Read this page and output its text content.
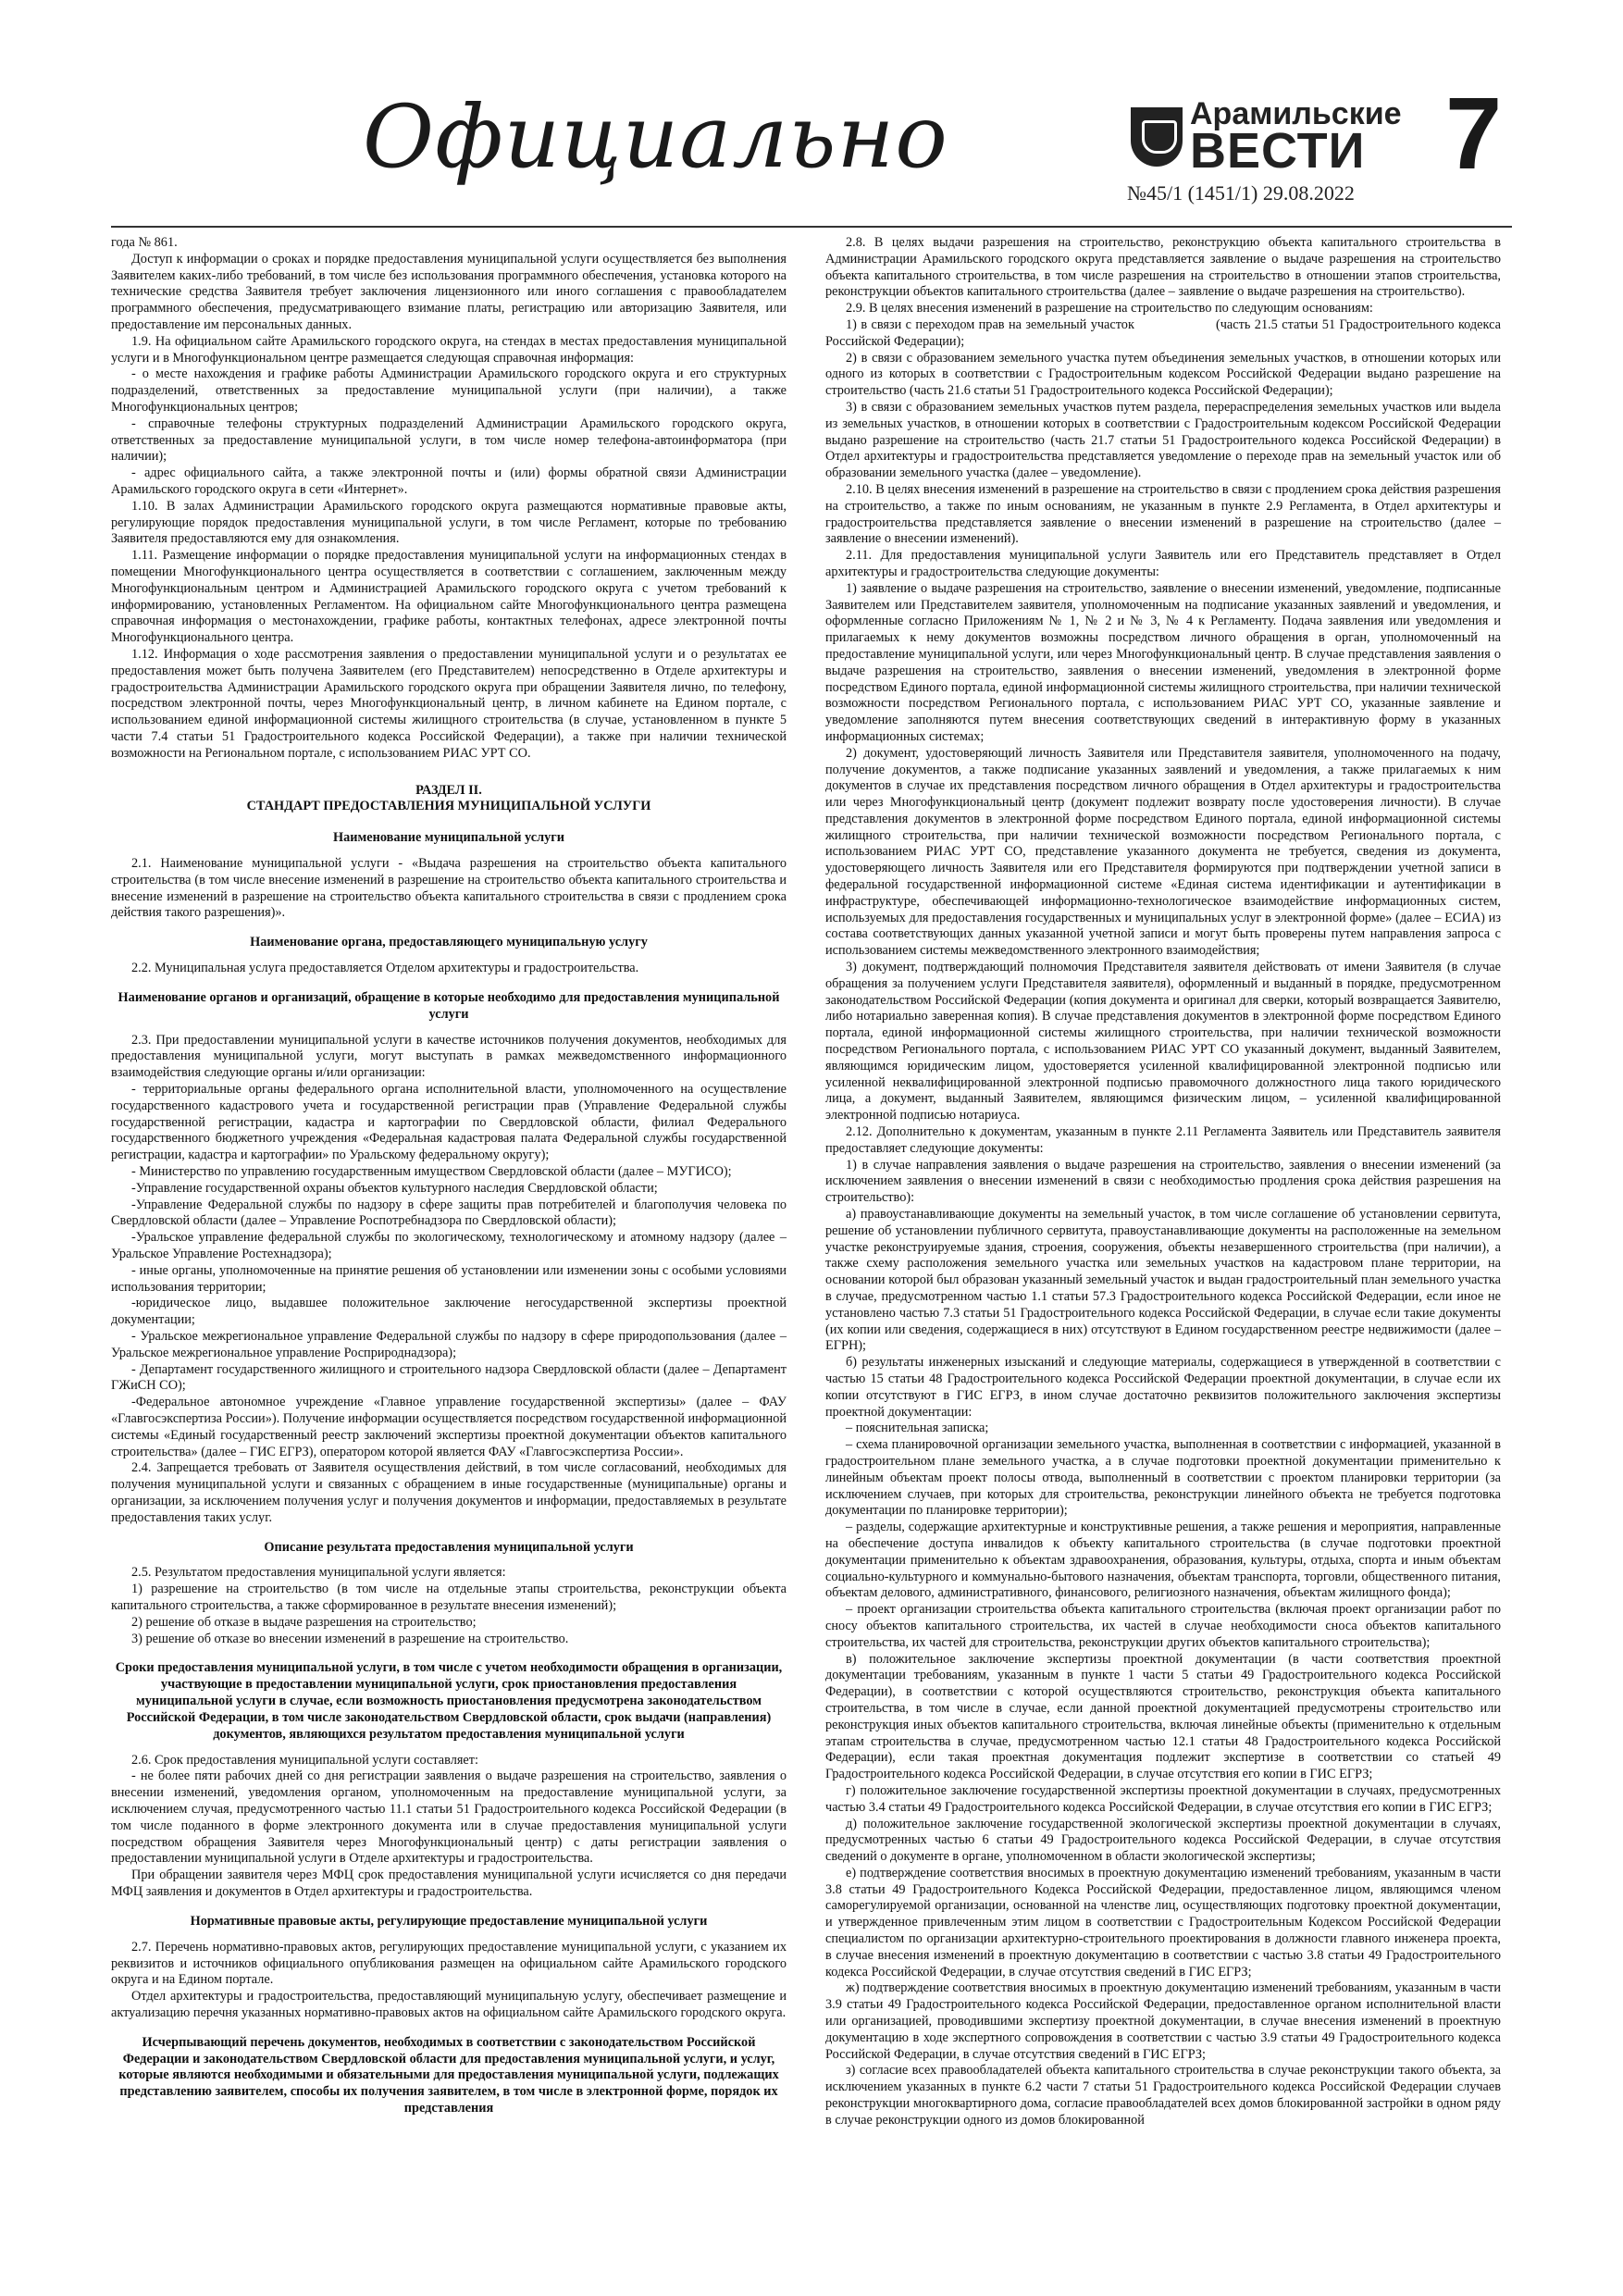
Официально	Арамильские
ВЕСТИ
№45/1 (1451/1) 29.08.2022
7

года № 861.

Доступ к информации о сроках и порядке предоставления муниципальной услуги осуществляется без выполнения Заявителем каких-либо требований, в том числе без использования программного обеспечения, установка которого на технические средства Заявителя требует заключения лицензионного или иного соглашения с правообладателем программного обеспечения, предусматривающего взимание платы, регистрацию или авторизацию Заявителя, или предоставление им персональных данных.

1.9. На официальном сайте Арамильского городского округа, на стендах в местах предоставления муниципальной услуги и в Многофункциональном центре размещается следующая справочная информация:

- о месте нахождения и графике работы Администрации Арамильского городского округа и его структурных подразделений, ответственных за предоставление муниципальной услуги (при наличии), а также Многофункциональных центров;

- справочные телефоны структурных подразделений Администрации Арамильского городского округа, ответственных за предоставление муниципальной услуги, в том числе номер телефона-автоинформатора (при наличии);

- адрес официального сайта, а также электронной почты и (или) формы обратной связи Администрации Арамильского городского округа в сети «Интернет».

1.10. В залах Администрации Арамильского городского округа размещаются нормативные правовые акты, регулирующие порядок предоставления муниципальной услуги, в том числе Регламент, которые по требованию Заявителя предоставляются ему для ознакомления.

1.11. Размещение информации о порядке предоставления муниципальной услуги на информационных стендах в помещении Многофункционального центра осуществляется в соответствии с соглашением, заключенным между Многофункциональным центром и Администрацией Арамильского городского округа с учетом требований к информированию, установленных Регламентом. На официальном сайте Многофункционального центра размещена справочная информация о местонахождении, графике работы, контактных телефонах, адресе электронной почты Многофункционального центра.

1.12. Информация о ходе рассмотрения заявления о предоставлении муниципальной услуги и о результатах ее предоставления может быть получена Заявителем (его Представителем) непосредственно в Отделе архитектуры и градостроительства Администрации Арамильского городского округа при обращении Заявителя лично, по телефону, посредством электронной почты, через Многофункциональный центр, в личном кабинете на Едином портале, с использованием единой информационной системы жилищного строительства (в случае, установленном в пункте 5 части 7.4 статьи 51 Градостроительного кодекса Российской Федерации), а также при наличии технической возможности на Региональном портале, с использованием РИАС УРТ СО.

РАЗДЕЛ II.
СТАНДАРТ ПРЕДОСТАВЛЕНИЯ МУНИЦИПАЛЬНОЙ УСЛУГИ
Наименование муниципальной услуги

2.1. Наименование муниципальной услуги - «Выдача разрешения на строительство объекта капитального строительства (в том числе внесение изменений в разрешение на строительство объекта капитального строительства и внесение изменений в разрешение на строительство объекта капитального строительства в связи с продлением срока действия такого разрешения)».

Наименование органа, предоставляющего муниципальную услугу

2.2. Муниципальная услуга предоставляется Отделом архитектуры и градостроительства.

Наименование органов и организаций, обращение в которые необходимо для предоставления муниципальной услуги

2.3. При предоставлении муниципальной услуги в качестве источников получения документов, необходимых для предоставления муниципальной услуги, могут выступать в рамках межведомственного информационного взаимодействия следующие органы и/или организации:

- территориальные органы федерального органа исполнительной власти, уполномоченного на осуществление государственного кадастрового учета и государственной регистрации прав (Управление Федеральной службы государственной регистрации, кадастра и картографии по Свердловской области, филиал Федерального государственного бюджетного учреждения «Федеральная кадастровая палата Федеральной службы государственной регистрации, кадастра и картографии» по Уральскому федеральному округу);

- Министерство по управлению государственным имуществом Свердловской области (далее – МУГИСО);

-Управление государственной охраны объектов культурного наследия Свердловской области;

-Управление Федеральной службы по надзору в сфере защиты прав потребителей и благополучия человека по Свердловской области (далее – Управление Роспотребнадзора по Свердловской области);

-Уральское управление федеральной службы по экологическому, технологическому и атомному надзору (далее – Уральское Управление Ростехнадзора);

- иные органы, уполномоченные на принятие решения об установлении или изменении зоны с особыми условиями использования территории;

-юридическое лицо, выдавшее положительное заключение негосударственной экспертизы проектной документации;

- Уральское межрегиональное управление Федеральной службы по надзору в сфере природопользования (далее – Уральское межрегиональное управление Росприроднадзора);

- Департамент государственного жилищного и строительного надзора Свердловской области (далее – Департамент ГЖиСН СО);

-Федеральное автономное учреждение «Главное управление государственной экспертизы» (далее – ФАУ «Главгосэкспертиза России»). Получение информации осуществляется посредством государственной информационной системы «Единый государственный реестр заключений экспертизы проектной документации объектов капитального строительства» (далее – ГИС ЕГРЗ), оператором которой является ФАУ «Главгосэкспертиза России».

2.4. Запрещается требовать от Заявителя осуществления действий, в том числе согласований, необходимых для получения муниципальной услуги и связанных с обращением в иные государственные (муниципальные) органы и организации, за исключением получения услуг и получения документов и информации, предоставляемых в результате предоставления таких услуг.

Описание результата предоставления муниципальной услуги

2.5. Результатом предоставления муниципальной услуги является:

1) разрешение на строительство (в том числе на отдельные этапы строительства, реконструкции объекта капитального строительства, а также сформированное в результате внесения изменений);

2) решение об отказе в выдаче разрешения на строительство;

3) решение об отказе во внесении изменений в разрешение на строительство.

Сроки предоставления муниципальной услуги, в том числе с учетом необходимости обращения в организации, участвующие в предоставлении муниципальной услуги, срок приостановления предоставления муниципальной услуги в случае, если возможность приостановления предусмотрена законодательством Российской Федерации, в том числе законодательством Свердловской области, срок выдачи (направления) документов, являющихся результатом предоставления муниципальной услуги

2.6. Срок предоставления муниципальной услуги составляет:

- не более пяти рабочих дней со дня регистрации заявления о выдаче разрешения на строительство, заявления о внесении изменений, уведомления органом, уполномоченным на предоставление муниципальной услуги, за исключением случая, предусмотренного частью 11.1 статьи 51 Градостроительного кодекса Российской Федерации (в том числе поданного в форме электронного документа или в случае предоставления муниципальной услуги посредством обращения Заявителя через Многофункциональный центр) с даты регистрации заявления о предоставлении муниципальной услуги в Отделе архитектуры и градостроительства.

При обращении заявителя через МФЦ срок предоставления муниципальной услуги исчисляется со дня передачи МФЦ заявления и документов в Отдел архитектуры и градостроительства.

Нормативные правовые акты, регулирующие предоставление муниципальной услуги

2.7. Перечень нормативно-правовых актов, регулирующих предоставление муниципальной услуги, с указанием их реквизитов и источников официального опубликования размещен на официальном сайте Арамильского городского округа и на Едином портале.

Отдел архитектуры и градостроительства, предоставляющий муниципальную услугу, обеспечивает размещение и актуализацию перечня указанных нормативно-правовых актов на официальном сайте Арамильского городского округа.

Исчерпывающий перечень документов, необходимых в соответствии с законодательством Российской Федерации и законодательством Свердловской области для предоставления муниципальной услуги, и услуг, которые являются необходимыми и обязательными для предоставления муниципальной услуги, подлежащих представлению заявителем, способы их получения заявителем, в том числе в электронной форме, порядок их представления

2.8. В целях выдачи разрешения на строительство, реконструкцию объекта капитального строительства в Администрации Арамильского городского округа представляется заявление о выдаче разрешения на строительство объекта капитального строительства, в том числе разрешения на строительство в отношении этапов строительства, реконструкции объектов капитального строительства (далее – заявление о выдаче разрешения на строительство).

2.9. В целях внесения изменений в разрешение на строительство по следующим основаниям:

1) в связи с переходом прав на земельный участок                    (часть 21.5 статьи 51 Градостроительного кодекса Российской Федерации);

2) в связи с образованием земельного участка путем объединения земельных участков, в отношении которых или одного из которых в соответствии с Градостроительным кодексом Российской Федерации выдано разрешение на строительство (часть 21.6 статьи 51 Градостроительного кодекса Российской Федерации);

3) в связи с образованием земельных участков путем раздела, перераспределения земельных участков или выдела из земельных участков, в отношении которых в соответствии с Градостроительным кодексом Российской Федерации выдано разрешение на строительство (часть 21.7 статьи 51 Градостроительного кодекса Российской Федерации) в Отдел архитектуры и градостроительства представляется уведомление о переходе прав на земельный участок или об образовании земельного участка (далее – уведомление).

2.10. В целях внесения изменений в разрешение на строительство в связи с продлением срока действия разрешения на строительство, а также по иным основаниям, не указанным в пункте 2.9 Регламента, в Отдел архитектуры и градостроительства представляется заявление о внесении изменений в разрешение на строительство (далее – заявление о внесении изменений).

2.11. Для предоставления муниципальной услуги Заявитель или его Представитель представляет в Отдел архитектуры и градостроительства следующие документы:

1) заявление о выдаче разрешения на строительство, заявление о внесении изменений, уведомление, подписанные Заявителем или Представителем заявителя, уполномоченным на подписание указанных заявлений и уведомления, и оформленные согласно Приложениям № 1, № 2 и № 3, № 4 к Регламенту. Подача заявления или уведомления и прилагаемых к нему документов возможны посредством личного обращения в орган, уполномоченный на предоставление муниципальной услуги, или через Многофункциональный центр. В случае представления заявления о выдаче разрешения на строительство, заявления о внесении изменений, уведомления в электронной форме посредством Единого портала, единой информационной системы жилищного строительства, при наличии технической возможности посредством Регионального портала, с использованием РИАС УРТ СО, указанные заявление и уведомление заполняются путем внесения соответствующих сведений в интерактивную форму в указанных информационных системах;

2) документ, удостоверяющий личность Заявителя или Представителя заявителя, уполномоченного на подачу, получение документов, а также подписание указанных заявлений и уведомления, а также прилагаемых к ним документов в случае их представления посредством личного обращения в Отдел архитектуры и градостроительства или через Многофункциональный центр (документ подлежит возврату после удостоверения личности). В случае представления документов в электронной форме посредством Единого портала, единой информационной системы жилищного строительства, при наличии технической возможности посредством Регионального портала, с использованием РИАС УРТ СО, представление указанного документа не требуется, сведения из документа, удостоверяющего личность Заявителя или его Представителя формируются при подтверждении учетной записи в федеральной государственной информационной системе «Единая система идентификации и аутентификации в инфраструктуре, обеспечивающей информационно-технологическое взаимодействие информационных систем, используемых для предоставления государственных и муниципальных услуг в электронной форме» (далее – ЕСИА) из состава соответствующих данных указанной учетной записи и могут быть проверены путем направления запроса с использованием системы межведомственного электронного взаимодействия;

3) документ, подтверждающий полномочия Представителя заявителя действовать от имени Заявителя (в случае обращения за получением услуги Представителя заявителя), оформленный и выданный в порядке, предусмотренном законодательством Российской Федерации (копия документа и оригинал для сверки, который возвращается Заявителю, либо нотариально заверенная копия). В случае представления документов в электронной форме посредством Единого портала, единой информационной системы жилищного строительства, при наличии технической возможности посредством Регионального портала, с использованием РИАС УРТ СО указанный документ, выданный Заявителем, являющимся юридическим лицом, удостоверяется усиленной квалифицированной электронной подписью или усиленной неквалифицированной электронной подписью правомочного должностного лица такого юридического лица, а документ, выданный Заявителем, являющимся физическим лицом, – усиленной квалифицированной электронной подписью нотариуса.

2.12. Дополнительно к документам, указанным в пункте 2.11 Регламента Заявитель или Представитель заявителя предоставляет следующие документы:

1) в случае направления заявления о выдаче разрешения на строительство, заявления о внесении изменений (за исключением заявления о внесении изменений в связи с необходимостью продления срока действия разрешения на строительство):

а) правоустанавливающие документы на земельный участок, в том числе соглашение об установлении сервитута, решение об установлении публичного сервитута, правоустанавливающие документы на расположенные на земельном участке реконструируемые здания, строения, сооружения, объекты незавершенного строительства (при наличии), а также схему расположения земельного участка или земельных участков на кадастровом плане территории, на основании которой был образован указанный земельный участок и выдан градостроительный план земельного участка в случае, предусмотренном частью 1.1 статьи 57.3 Градостроительного кодекса Российской Федерации, если иное не установлено частью 7.3 статьи 51 Градостроительного кодекса Российской Федерации, в случае если такие документы (их копии или сведения, содержащиеся в них) отсутствуют в Едином государственном реестре недвижимости (далее – ЕГРН);

б) результаты инженерных изысканий и следующие материалы, содержащиеся в утвержденной в соответствии с частью 15 статьи 48 Градостроительного кодекса Российской Федерации проектной документации, в случае если их копии отсутствуют в ГИС ЕГРЗ, в ином случае достаточно реквизитов положительного заключения экспертизы проектной документации:

– пояснительная записка;

– схема планировочной организации земельного участка, выполненная в соответствии с информацией, указанной в градостроительном плане земельного участка, а в случае подготовки проектной документации применительно к линейным объектам проект полосы отвода, выполненный в соответствии с проектом планировки территории (за исключением случаев, при которых для строительства, реконструкции линейного объекта не требуется подготовка документации по планировке территории);

– разделы, содержащие архитектурные и конструктивные решения, а также решения и мероприятия, направленные на обеспечение доступа инвалидов к объекту капитального строительства (в случае подготовки проектной документации применительно к объектам здравоохранения, образования, культуры, отдыха, спорта и иным объектам социально-культурного и коммунально-бытового назначения, объектам транспорта, торговли, общественного питания, объектам делового, административного, финансового, религиозного назначения, объектам жилищного фонда);

– проект организации строительства объекта капитального строительства (включая проект организации работ по сносу объектов капитального строительства, их частей в случае необходимости сноса объектов капитального строительства, их частей для строительства, реконструкции других объектов капитального строительства);

в) положительное заключение экспертизы проектной документации (в части соответствия проектной документации требованиям, указанным в пункте 1 части 5 статьи 49 Градостроительного кодекса Российской Федерации), в соответствии с которой осуществляются строительство, реконструкция объекта капитального строительства, в том числе в случае, если данной проектной документацией предусмотрены строительство или реконструкция иных объектов капитального строительства, включая линейные объекты (применительно к отдельным этапам строительства в случае, предусмотренном частью 12.1 статьи 48 Градостроительного кодекса Российской Федерации), если такая проектная документация подлежит экспертизе в соответствии со статьей 49 Градостроительного кодекса Российской Федерации, в случае отсутствия его копии в ГИС ЕГРЗ;

г) положительное заключение государственной экспертизы проектной документации в случаях, предусмотренных частью 3.4 статьи 49 Градостроительного кодекса Российской Федерации, в случае отсутствия его копии в ГИС ЕГРЗ;

д) положительное заключение государственной экологической экспертизы проектной документации в случаях, предусмотренных частью 6 статьи 49 Градостроительного кодекса Российской Федерации, в случае отсутствия сведений о документе в органе, уполномоченном в области экологической экспертизы;

е) подтверждение соответствия вносимых в проектную документацию изменений требованиям, указанным в части 3.8 статьи 49 Градостроительного Кодекса Российской Федерации, предоставленное лицом, являющимся членом саморегулируемой организации, основанной на членстве лиц, осуществляющих подготовку проектной документации, и утвержденное привлеченным этим лицом в соответствии с Градостроительным Кодексом Российской Федерации специалистом по организации архитектурно-строительного проектирования в должности главного инженера проекта, в случае внесения изменений в проектную документацию в соответствии с частью 3.8 статьи 49 Градостроительного кодекса Российской Федерации, в случае отсутствия сведений в ГИС ЕГРЗ;

ж) подтверждение соответствия вносимых в проектную документацию изменений требованиям, указанным в части 3.9 статьи 49 Градостроительного кодекса Российской Федерации, предоставленное органом исполнительной власти или организацией, проводившими экспертизу проектной документации, в случае внесения изменений в проектную документацию в ходе экспертного сопровождения в соответствии с частью 3.9 статьи 49 Градостроительного кодекса Российской Федерации, в случае отсутствия сведений в ГИС ЕГРЗ;

з) согласие всех правообладателей объекта капитального строительства в случае реконструкции такого объекта, за исключением указанных в пункте 6.2 части 7 статьи 51 Градостроительного кодекса Российской Федерации случаев реконструкции многоквартирного дома, согласие правообладателей всех домов блокированной застройки в одном ряду в случае реконструкции одного из домов блокированной
